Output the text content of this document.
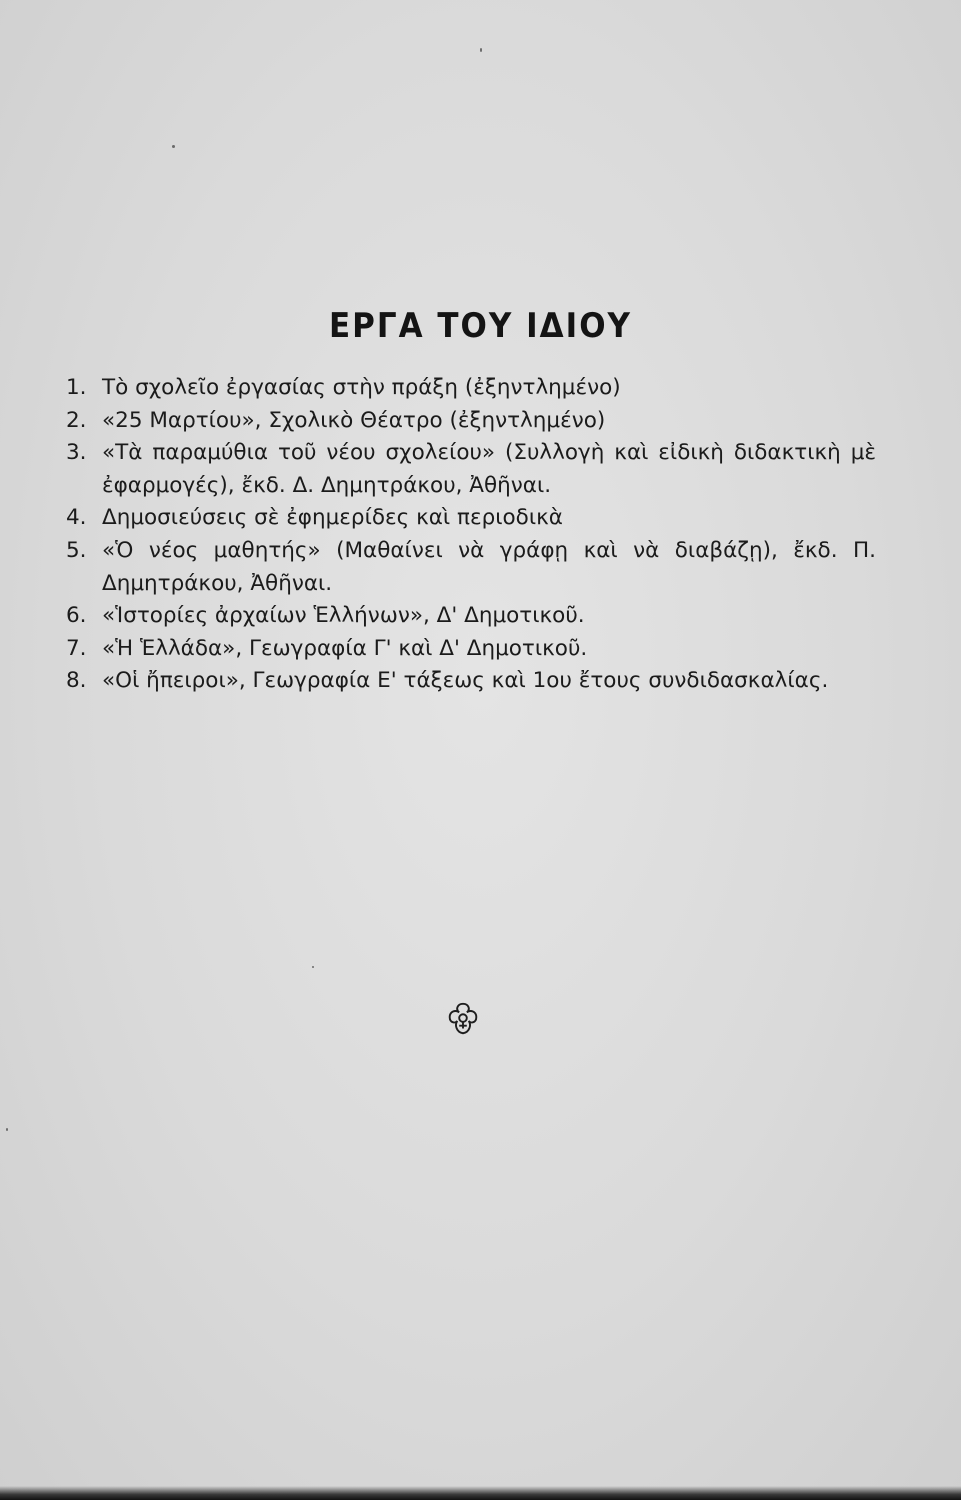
ΕΡΓΑ ΤΟΥ ΙΔΙΟΥ
1. Τὸ σχολεῖο ἐργασίας στὴν πράξη (ἐξηντλημένο)
2. «25 Μαρτίου», Σχολικὸ Θέατρο (ἐξηντλημένο)
3. «Τὰ παραμύθια τοῦ νέου σχολείου» (Συλλογὴ καὶ εἰδικὴ διδακτικὴ μὲ ἐφαρμογές), ἔκδ. Δ. Δημητράκου, Ἀθῆναι.
4. Δημοσιεύσεις σὲ ἐφημερίδες καὶ περιοδικὰ
5. «Ὁ νέος μαθητής» (Μαθαίνει νὰ γράφῃ καὶ νὰ διαβάζῃ), ἔκδ. Π. Δημητράκου, Ἀθῆναι.
6. «Ἱστορίες ἀρχαίων Ἑλλήνων», Δ' Δημοτικοῦ.
7. «Ἡ Ἑλλάδα», Γεωγραφία Γ' καὶ Δ' Δημοτικοῦ.
8. «Οἱ ἤπειροι», Γεωγραφία Ε' τάξεως καὶ 1ου ἔτους συνδιδασκαλίας.
